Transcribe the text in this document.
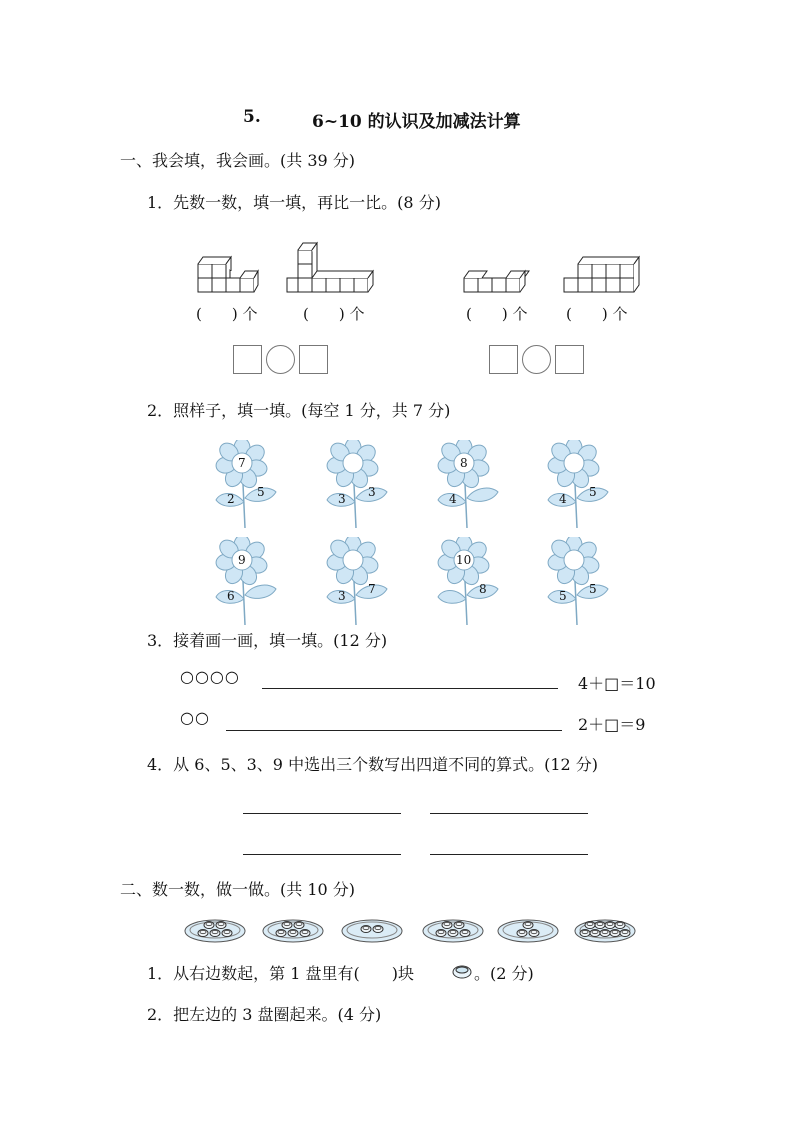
5.	6~10 的认识及加减法计算
一、我会填，我会画。(共 39 分)
1．先数一数，填一填，再比一比。(8 分)
(　　) 个	(　　) 个	(　　) 个	(　　) 个
2．照样子，填一填。(每空 1 分，共 7 分)
7
2 5	3 3
8
4	4 5
9
6	3 7
10
8	5 5
3．接着画一画，填一填。(12 分)
○○○○	4＋□＝10
○○	2＋□＝9
4．从 6、5、3、9 中选出三个数写出四道不同的算式。(12 分)
二、数一数，做一做。(共 10 分)
1．从右边数起，第 1 盘里有(　　)块	。(2 分)
2．把左边的 3 盘圈起来。(4 分)
